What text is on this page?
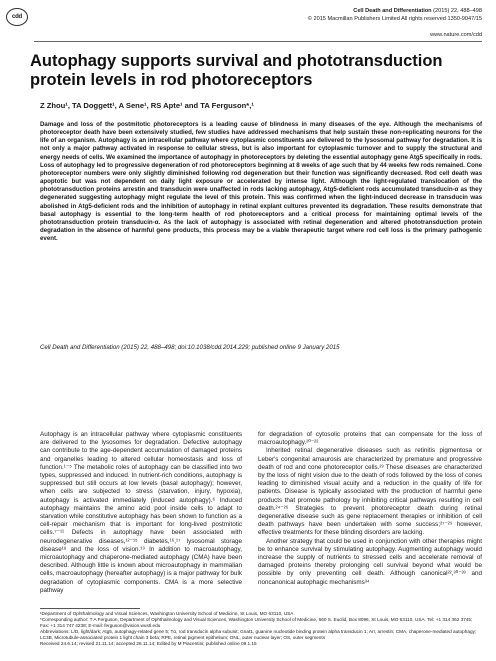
cdd
Cell Death and Differentiation (2015) 22, 488–498
© 2015 Macmillan Publishers Limited All rights reserved 1350-9047/15
www.nature.com/cdd
Autophagy supports survival and phototransduction protein levels in rod photoreceptors
Z Zhou¹, TA Doggett¹, A Sene¹, RS Apte¹ and TA Ferguson*,¹
Damage and loss of the postmitotic photoreceptors is a leading cause of blindness in many diseases of the eye. Although the mechanisms of photoreceptor death have been extensively studied, few studies have addressed mechanisms that help sustain these non-replicating neurons for the life of an organism. Autophagy is an intracellular pathway where cytoplasmic constituents are delivered to the lysosomal pathway for degradation. It is not only a major pathway activated in response to cellular stress, but is also important for cytoplasmic turnover and to supply the structural and energy needs of cells. We examined the importance of autophagy in photoreceptors by deleting the essential autophagy gene Atg5 specifically in rods. Loss of autophagy led to progressive degeneration of rod photoreceptors beginning at 8 weeks of age such that by 44 weeks few rods remained. Cone photoreceptor numbers were only slightly diminished following rod degeneration but their function was significantly decreased. Rod cell death was apoptotic but was not dependent on daily light exposure or accelerated by intense light. Although the light-regulated translocation of the phototransduction proteins arrestin and transducin were unaffected in rods lacking autophagy, Atg5-deficient rods accumulated transducin-α as they degenerated suggesting autophagy might regulate the level of this protein. This was confirmed when the light-induced decrease in transducin was abolished in Atg5-deficient rods and the inhibition of autophagy in retinal explant cultures prevented its degradation. These results demonstrate that basal autophagy is essential to the long-term health of rod photoreceptors and a critical process for maintaining optimal levels of the phototransduction protein transducin-α. As the lack of autophagy is associated with retinal degeneration and altered phototransduction protein degradation in the absence of harmful gene products, this process may be a viable therapeutic target where rod cell loss is the primary pathogenic event.
Cell Death and Differentiation (2015) 22, 488–498; doi:10.1038/cdd.2014.229; published online 9 January 2015

Autophagy is an intracellular pathway where cytoplasmic constituents are delivered to the lysosomes for degradation. Defective autophagy can contribute to the age-dependent accumulation of damaged proteins and organelles leading to altered cellular homeostasis and loss of function.¹⁻⁵ The metabolic roles of autophagy can be classified into two types, suppressed and induced. In nutrient-rich conditions, autophagy is suppressed but still occurs at low levels (basal autophagy); however, when cells are subjected to stress (starvation, injury, hypoxia), autophagy is activated immediately (induced autophagy).⁶ Induced autophagy maintains the amino acid pool inside cells to adapt to starvation while constitutive autophagy has been shown to function as a cell-repair mechanism that is important for long-lived postmitotic cells.⁷⁻¹¹ Defects in autophagy have been associated with neurodegenerative diseases,¹²⁻¹⁵ diabetes,¹⁶,¹⁷ lysosomal storage disease¹⁸ and the loss of vision.¹⁹ In addition to macroautophagy, microautophagy and chaperone-mediated autophagy (CMA) have been described. Although little is known about microautophagy in mammalian cells, macroautophagy (hereafter autophagy) is a major pathway for bulk degradation of cytoplasmic components. CMA is a more selective pathway

for degradation of cytosolic proteins that can compensate for the loss of macroautophagy.²⁰⁻²²

Inherited retinal degenerative diseases such as retinitis pigmentosa or Leber's congenital amaurosis are characterized by premature and progressive death of rod and cone photoreceptor cells.²³ These diseases are characterized by the loss of night vision due to the death of rods followed by the loss of cones leading to diminished visual acuity and a reduction in the quality of life for patients. Disease is typically associated with the production of harmful gene products that promote pathology by inhibiting critical pathways resulting in cell death.²⁴⁻²⁶ Strategies to prevent photoreceptor death during retinal degenerative disease such as gene replacement therapies or inhibition of cell death pathways have been undertaken with some success;²⁷⁻²⁹ however, effective treatments for these blinding disorders are lacking.

Another strategy that could be used in conjunction with other therapies might be to enhance survival by stimulating autophagy. Augmenting autophagy would increase the supply of nutrients to stressed cells and accelerate removal of damaged proteins thereby prolonging cell survival beyond what would be possible by only preventing cell death. Although canonical²²,³⁰⁻³³ and noncanonical autophagic mechanisms³⁴

¹Department of Ophthalmology and Visual Sciences, Washington University School of Medicine, St Louis, MO 63110, USA
*Corresponding author: T A Ferguson, Department of Ophthalmology and Visual Sciences, Washington University School of Medicine, 660 S. Euclid, Box 8096, St Louis, MO 63110, USA. Tel: +1 314 362 3745; Fax: +1 314 747 4238; E-mail: ferguson@vision.wustl.edu
Abbreviations: L/D, light/dark; Atg5, autophagy-related gene 5; Tα, rod transducin alpha subunit; Gnat1, guanine nucleotide binding protein alpha transducin 1; Arr, arrestin; CMA, chaperone-mediated autophagy; LC3B, Microtubule-associated protein 1 light chain 3 beta; RPE, retinal pigment epithelium; ONL, outer nuclear layer; OS, outer segments
Received 24.6.14; revised 21.11.14; accepted 26.11.14; Edited by M Piacentini; published online 09.1.15
